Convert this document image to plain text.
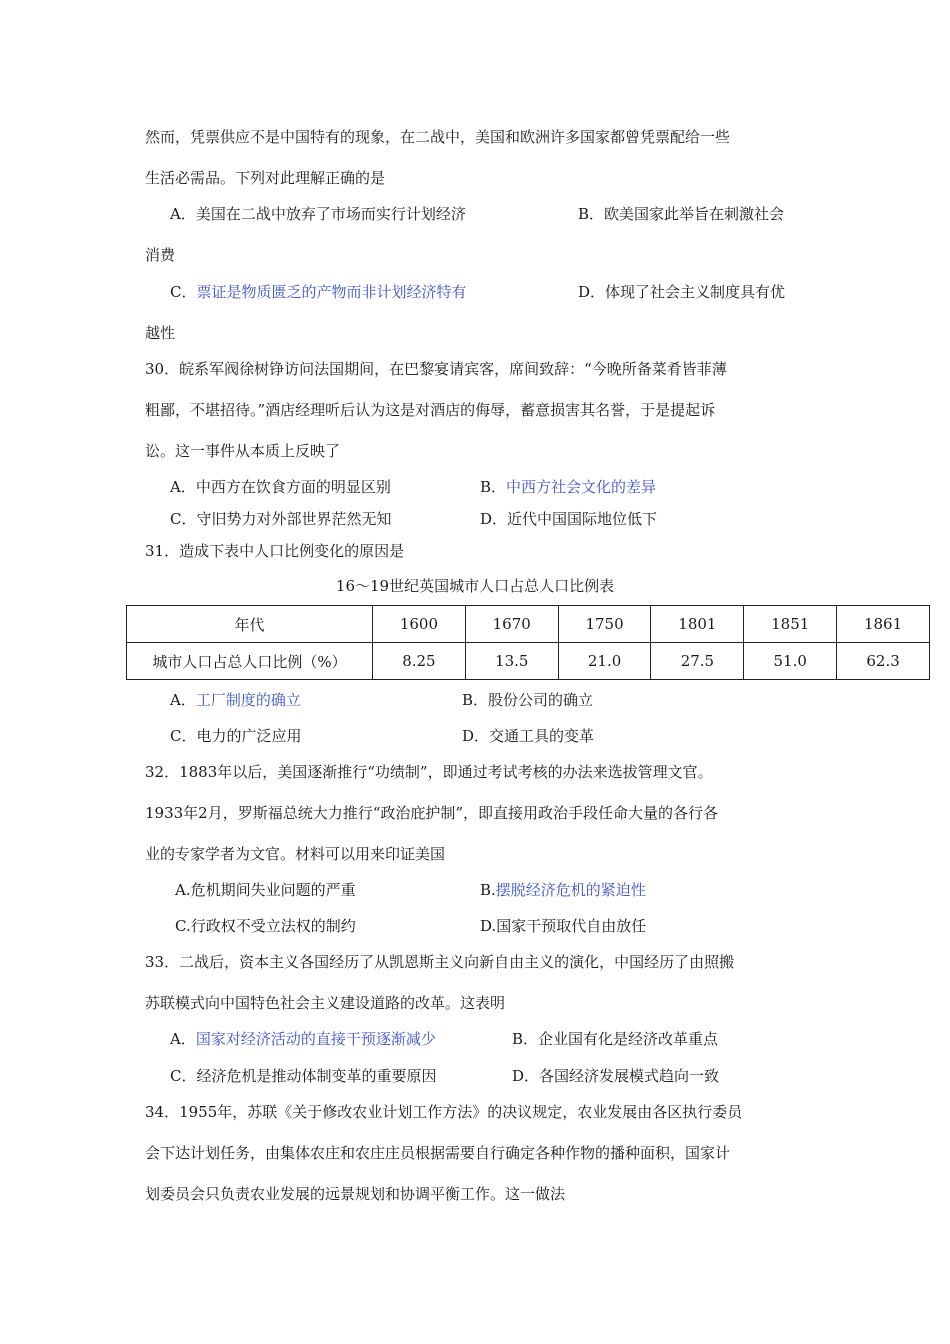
然而，凭票供应不是中国特有的现象，在二战中，美国和欧洲许多国家都曾凭票配给一些
生活必需品。下列对此理解正确的是
A．美国在二战中放弃了市场而实行计划经济	B．欧美国家此举旨在刺激社会
消费
C．票证是物质匮乏的产物而非计划经济特有	D．体现了社会主义制度具有优
越性
30．皖系军阀徐树铮访问法国期间，在巴黎宴请宾客，席间致辞：“今晚所备菜肴皆菲薄
粗鄙，不堪招待。”酒店经理听后认为这是对酒店的侮辱，蓄意损害其名誉，于是提起诉
讼。这一事件从本质上反映了
A．中西方在饮食方面的明显区别	B．中西方社会文化的差异
C．守旧势力对外部世界茫然无知	D．近代中国国际地位低下
31．造成下表中人口比例变化的原因是
16～19世纪英国城市人口占总人口比例表
年代	1600	1670	1750	1801	1851	1861
城市人口占总人口比例（%）	8.25	13.5	21.0	27.5	51.0	62.3
A．工厂制度的确立	B．股份公司的确立
C．电力的广泛应用	D．交通工具的变革
32．1883年以后，美国逐渐推行“功绩制”，即通过考试考核的办法来选拔管理文官。
1933年2月，罗斯福总统大力推行“政治庇护制”，即直接用政治手段任命大量的各行各
业的专家学者为文官。材料可以用来印证美国
A.危机期间失业问题的严重	B.摆脱经济危机的紧迫性
C.行政权不受立法权的制约	D.国家干预取代自由放任
33．二战后，资本主义各国经历了从凯恩斯主义向新自由主义的演化，中国经历了由照搬
苏联模式向中国特色社会主义建设道路的改革。这表明
A．国家对经济活动的直接干预逐渐减少	B．企业国有化是经济改革重点
C．经济危机是推动体制变革的重要原因	D．各国经济发展模式趋向一致
34．1955年，苏联《关于修改农业计划工作方法》的决议规定，农业发展由各区执行委员
会下达计划任务，由集体农庄和农庄庄员根据需要自行确定各种作物的播种面积，国家计
划委员会只负责农业发展的远景规划和协调平衡工作。这一做法
